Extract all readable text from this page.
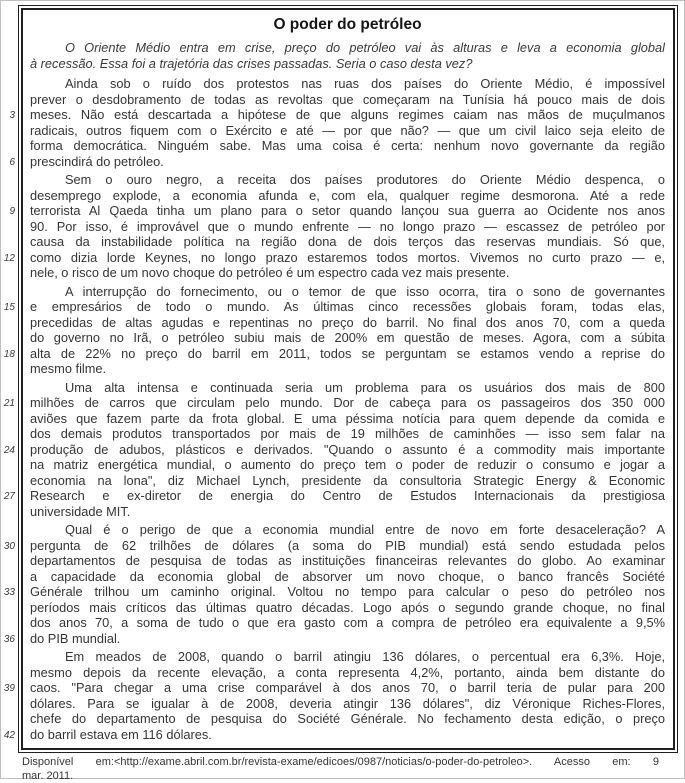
3
6
9
12
15
18
21
24
27
30
33
36
39
42
O poder do petróleo
O Oriente Médio entra em crise, preço do petróleo vai às alturas e leva a economia global
à recessão. Essa foi a trajetória das crises passadas. Seria o caso desta vez?
Ainda sob o ruído dos protestos nas ruas dos países do Oriente Médio, é impossível
prever o desdobramento de todas as revoltas que começaram na Tunísia há pouco mais de dois
meses. Não está descartada a hipótese de que alguns regimes caiam nas mãos de muçulmanos
radicais, outros fiquem com o Exército e até — por que não? — que um civil laico seja eleito de
forma democrática. Ninguém sabe. Mas uma coisa é certa: nenhum novo governante da região
prescindirá do petróleo.
Sem o ouro negro, a receita dos países produtores do Oriente Médio despenca, o
desemprego explode, a economia afunda e, com ela, qualquer regime desmorona. Até a rede
terrorista Al Qaeda tinha um plano para o setor quando lançou sua guerra ao Ocidente nos anos
90. Por isso, é improvável que o mundo enfrente — no longo prazo — escassez de petróleo por
causa da instabilidade política na região dona de dois terços das reservas mundiais. Só que,
como dizia lorde Keynes, no longo prazo estaremos todos mortos. Vivemos no curto prazo — e,
nele, o risco de um novo choque do petróleo é um espectro cada vez mais presente.
A interrupção do fornecimento, ou o temor de que isso ocorra, tira o sono de governantes
e empresários de todo o mundo. As últimas cinco recessões globais foram, todas elas,
precedidas de altas agudas e repentinas no preço do barril. No final dos anos 70, com a queda
do governo no Irã, o petróleo subiu mais de 200% em questão de meses. Agora, com a súbita
alta de 22% no preço do barril em 2011, todos se perguntam se estamos vendo a reprise do
mesmo filme.
Uma alta intensa e continuada seria um problema para os usuários dos mais de 800
milhões de carros que circulam pelo mundo. Dor de cabeça para os passageiros dos 350 000
aviões que fazem parte da frota global. E uma péssima notícia para quem depende da comida e
dos demais produtos transportados por mais de 19 milhões de caminhões — isso sem falar na
produção de adubos, plásticos e derivados. "Quando o assunto é a commodity mais importante
na matriz energética mundial, o aumento do preço tem o poder de reduzir o consumo e jogar a
economia na lona", diz Michael Lynch, presidente da consultoria Strategic Energy & Economic
Research e ex-diretor de energia do Centro de Estudos Internacionais da prestigiosa
universidade MIT.
Qual é o perigo de que a economia mundial entre de novo em forte desaceleração? A
pergunta de 62 trilhões de dólares (a soma do PIB mundial) está sendo estudada pelos
departamentos de pesquisa de todas as instituições financeiras relevantes do globo. Ao examinar
a capacidade da economia global de absorver um novo choque, o banco francês Société
Générale trilhou um caminho original. Voltou no tempo para calcular o peso do petróleo nos
períodos mais críticos das últimas quatro décadas. Logo após o segundo grande choque, no final
dos anos 70, a soma de tudo o que era gasto com a compra de petróleo era equivalente a 9,5%
do PIB mundial.
Em meados de 2008, quando o barril atingiu 136 dólares, o percentual era 6,3%. Hoje,
mesmo depois da recente elevação, a conta representa 4,2%, portanto, ainda bem distante do
caos. "Para chegar a uma crise comparável à dos anos 70, o barril teria de pular para 200
dólares. Para se igualar à de 2008, deveria atingir 136 dólares", diz Véronique Riches-Flores,
chefe do departamento de pesquisa do Société Générale. No fechamento desta edição, o preço
do barril estava em 116 dólares.
Disponível em:<http://exame.abril.com.br/revista-exame/edicoes/0987/noticias/o-poder-do-petroleo>. Acesso em: 9
mar. 2011.
